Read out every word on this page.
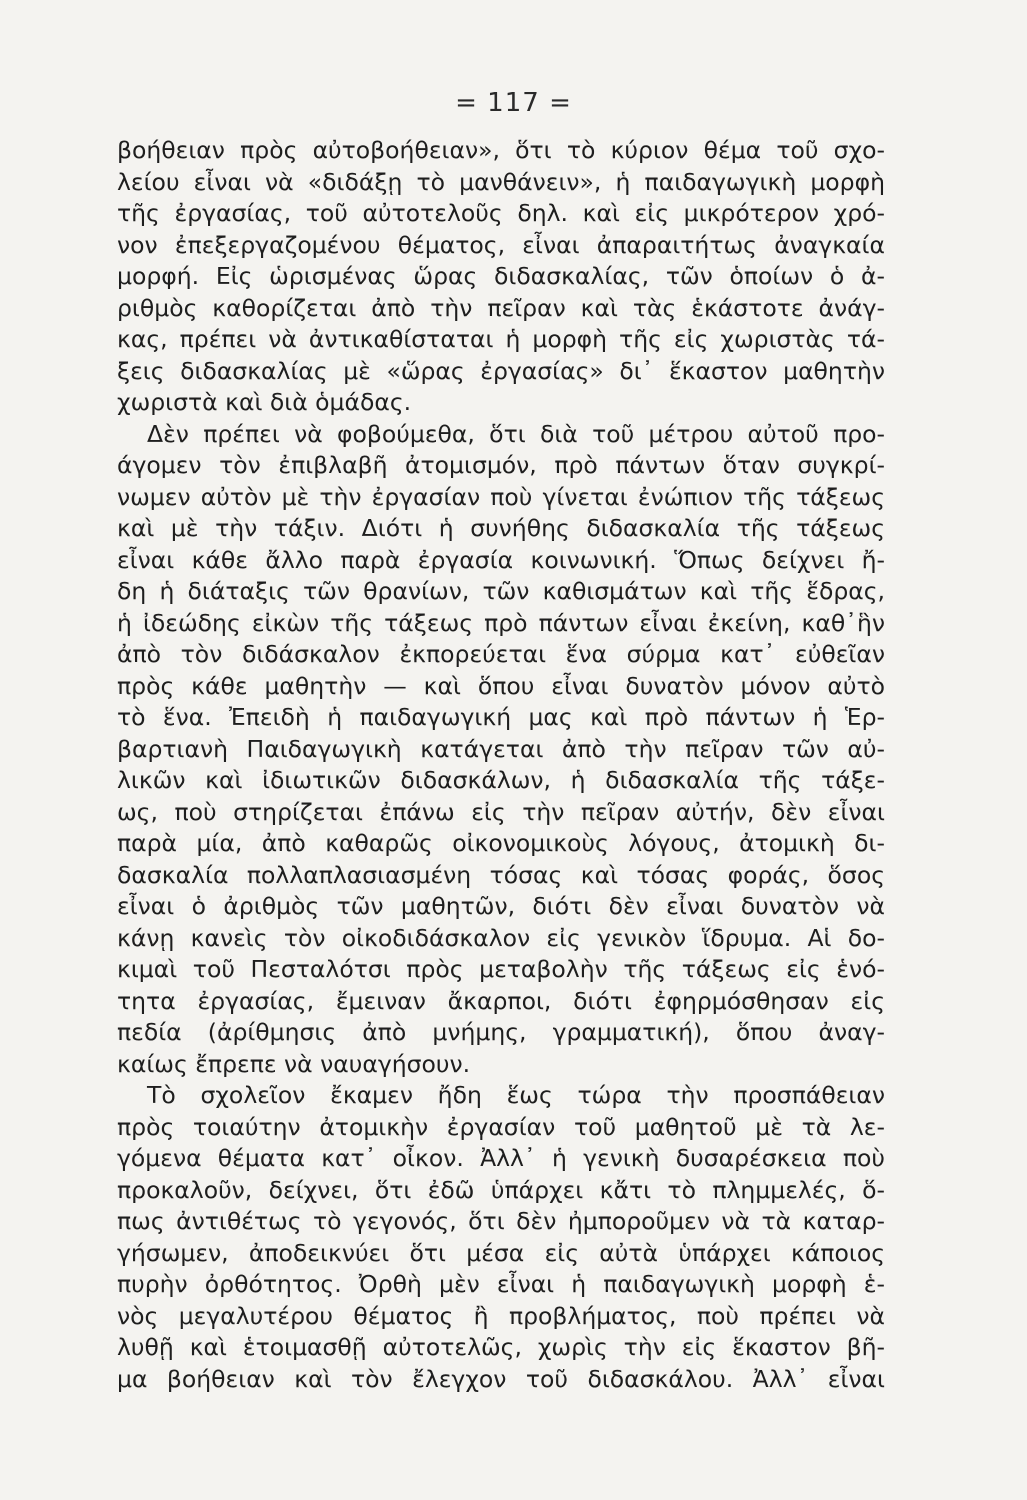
= 117 =
βοήθειαν πρὸς αὐτοβοήθειαν», ὅτι τὸ κύριον θέμα τοῦ σχο-
λείου εἶναι νὰ «διδάξῃ τὸ μανθάνειν», ἡ παιδαγωγικὴ μορφὴ
τῆς ἐργασίας, τοῦ αὐτοτελοῦς δηλ. καὶ εἰς μικρότερον χρό-
νον ἐπεξεργαζομένου θέματος, εἶναι ἀπαραιτήτως ἀναγκαία
μορφή. Εἰς ὡρισμένας ὥρας διδασκαλίας, τῶν ὁποίων ὁ ἀ-
ριθμὸς καθορίζεται ἀπὸ τὴν πεῖραν καὶ τὰς ἑκάστοτε ἀνάγ-
κας, πρέπει νὰ ἀντικαθίσταται ἡ μορφὴ τῆς εἰς χωριστὰς τά-
ξεις διδασκαλίας μὲ «ὥρας ἐργασίας» δι᾿ ἕκαστον μαθητὴν
χωριστὰ καὶ διὰ ὁμάδας.
Δὲν πρέπει νὰ φοβούμεθα, ὅτι διὰ τοῦ μέτρου αὐτοῦ προ-
άγομεν τὸν ἐπιβλαβῆ ἀτομισμόν, πρὸ πάντων ὅταν συγκρί-
νωμεν αὐτὸν μὲ τὴν ἐργασίαν ποὺ γίνεται ἐνώπιον τῆς τάξεως
καὶ μὲ τὴν τάξιν. Διότι ἡ συνήθης διδασκαλία τῆς τάξεως
εἶναι κάθε ἄλλο παρὰ ἐργασία κοινωνική. Ὅπως δείχνει ἤ-
δη ἡ διάταξις τῶν θρανίων, τῶν καθισμάτων καὶ τῆς ἕδρας,
ἡ ἰδεώδης εἰκὼν τῆς τάξεως πρὸ πάντων εἶναι ἐκείνη, καθ᾿ἣν
ἀπὸ τὸν διδάσκαλον ἐκπορεύεται ἕνα σύρμα κατ᾿ εὐθεῖαν
πρὸς κάθε μαθητὴν — καὶ ὅπου εἶναι δυνατὸν μόνον αὐτὸ
τὸ ἕνα. Ἐπειδὴ ἡ παιδαγωγική μας καὶ πρὸ πάντων ἡ Ἑρ-
βαρτιανὴ Παιδαγωγικὴ κατάγεται ἀπὸ τὴν πεῖραν τῶν αὐ-
λικῶν καὶ ἰδιωτικῶν διδασκάλων, ἡ διδασκαλία τῆς τάξε-
ως, ποὺ στηρίζεται ἐπάνω εἰς τὴν πεῖραν αὐτήν, δὲν εἶναι
παρὰ μία, ἀπὸ καθαρῶς οἰκονομικοὺς λόγους, ἀτομικὴ δι-
δασκαλία πολλαπλασιασμένη τόσας καὶ τόσας φοράς, ὅσος
εἶναι ὁ ἀριθμὸς τῶν μαθητῶν, διότι δὲν εἶναι δυνατὸν νὰ
κάνῃ κανεὶς τὸν οἰκοδιδάσκαλον εἰς γενικὸν ἵδρυμα. Αἱ δο-
κιμαὶ τοῦ Πεσταλότσι πρὸς μεταβολὴν τῆς τάξεως εἰς ἑνό-
τητα ἐργασίας, ἔμειναν ἄκαρποι, διότι ἐφηρμόσθησαν εἰς
πεδία (ἀρίθμησις ἀπὸ μνήμης, γραμματική), ὅπου ἀναγ-
καίως ἔπρεπε νὰ ναυαγήσουν.
Τὸ σχολεῖον ἔκαμεν ἤδη ἕως τώρα τὴν προσπάθειαν
πρὸς τοιαύτην ἀτομικὴν ἐργασίαν τοῦ μαθητοῦ μὲ τὰ λε-
γόμενα θέματα κατ᾿ οἶκον. Ἀλλ᾿ ἡ γενικὴ δυσαρέσκεια ποὺ
προκαλοῦν, δείχνει, ὅτι ἐδῶ ὑπάρχει κἄτι τὸ πλημμελές, ὅ-
πως ἀντιθέτως τὸ γεγονός, ὅτι δὲν ἠμποροῦμεν νὰ τὰ καταρ-
γήσωμεν, ἀποδεικνύει ὅτι μέσα εἰς αὐτὰ ὑπάρχει κάποιος
πυρὴν ὀρθότητος. Ὀρθὴ μὲν εἶναι ἡ παιδαγωγικὴ μορφὴ ἑ-
νὸς μεγαλυτέρου θέματος ἢ προβλήματος, ποὺ πρέπει νὰ
λυθῇ καὶ ἑτοιμασθῇ αὐτοτελῶς, χωρὶς τὴν εἰς ἕκαστον βῆ-
μα βοήθειαν καὶ τὸν ἔλεγχον τοῦ διδασκάλου. Ἀλλ᾿ εἶναι
